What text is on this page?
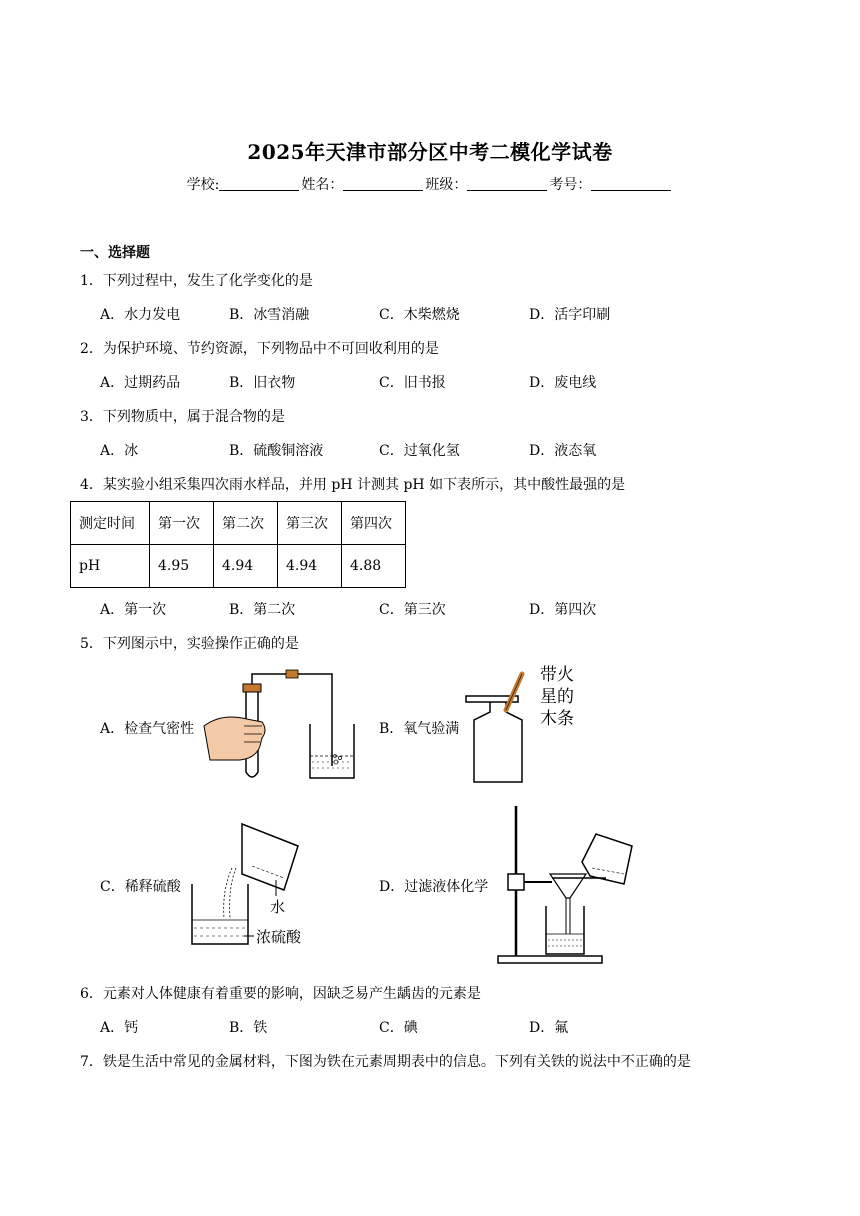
2025年天津市部分区中考二模化学试卷
学校:	姓名：	班级：	考号：
一、选择题
1．下列过程中，发生了化学变化的是
A．水力发电	B．冰雪消融	C．木柴燃烧	D．活字印刷
2．为保护环境、节约资源，下列物品中不可回收利用的是
A．过期药品	B．旧衣物	C．旧书报	D．废电线
3．下列物质中，属于混合物的是
A．冰	B．硫酸铜溶液	C．过氧化氢	D．液态氧
4．某实验小组采集四次雨水样品，并用 pH 计测其 pH 如下表所示，其中酸性最强的是
测定时间	第一次	第二次	第三次	第四次
pH	4.95	4.94	4.94	4.88
A．第一次	B．第二次	C．第三次	D．第四次
5．下列图示中，实验操作正确的是
A．检查气密性	B．氧气验满
C．稀释硫酸	D．过滤液体化学
带火
星的
木条
水
浓硫酸
6．元素对人体健康有着重要的影响，因缺乏易产生龋齿的元素是
A．钙	B．铁	C．碘	D．氟
7．铁是生活中常见的金属材料，下图为铁在元素周期表中的信息。下列有关铁的说法中不正确的是
